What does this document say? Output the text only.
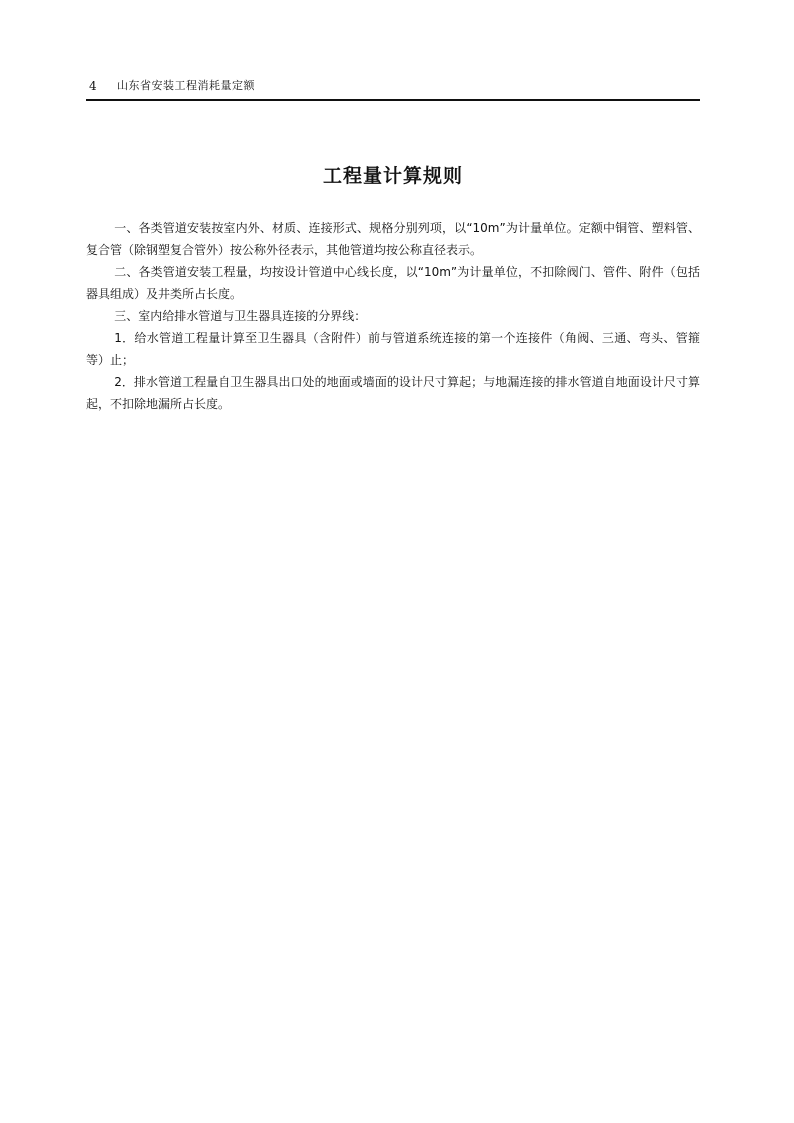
4 山东省安装工程消耗量定额
工程量计算规则

一、各类管道安装按室内外、材质、连接形式、规格分别列项，以“10m”为计量单位。定额中铜管、塑料管、复合管（除钢塑复合管外）按公称外径表示，其他管道均按公称直径表示。

二、各类管道安装工程量，均按设计管道中心线长度，以“10m”为计量单位，不扣除阀门、管件、附件（包括器具组成）及井类所占长度。

三、室内给排水管道与卫生器具连接的分界线：

1．给水管道工程量计算至卫生器具（含附件）前与管道系统连接的第一个连接件（角阀、三通、弯头、管箍等）止；

2．排水管道工程量自卫生器具出口处的地面或墙面的设计尺寸算起；与地漏连接的排水管道自地面设计尺寸算起，不扣除地漏所占长度。
